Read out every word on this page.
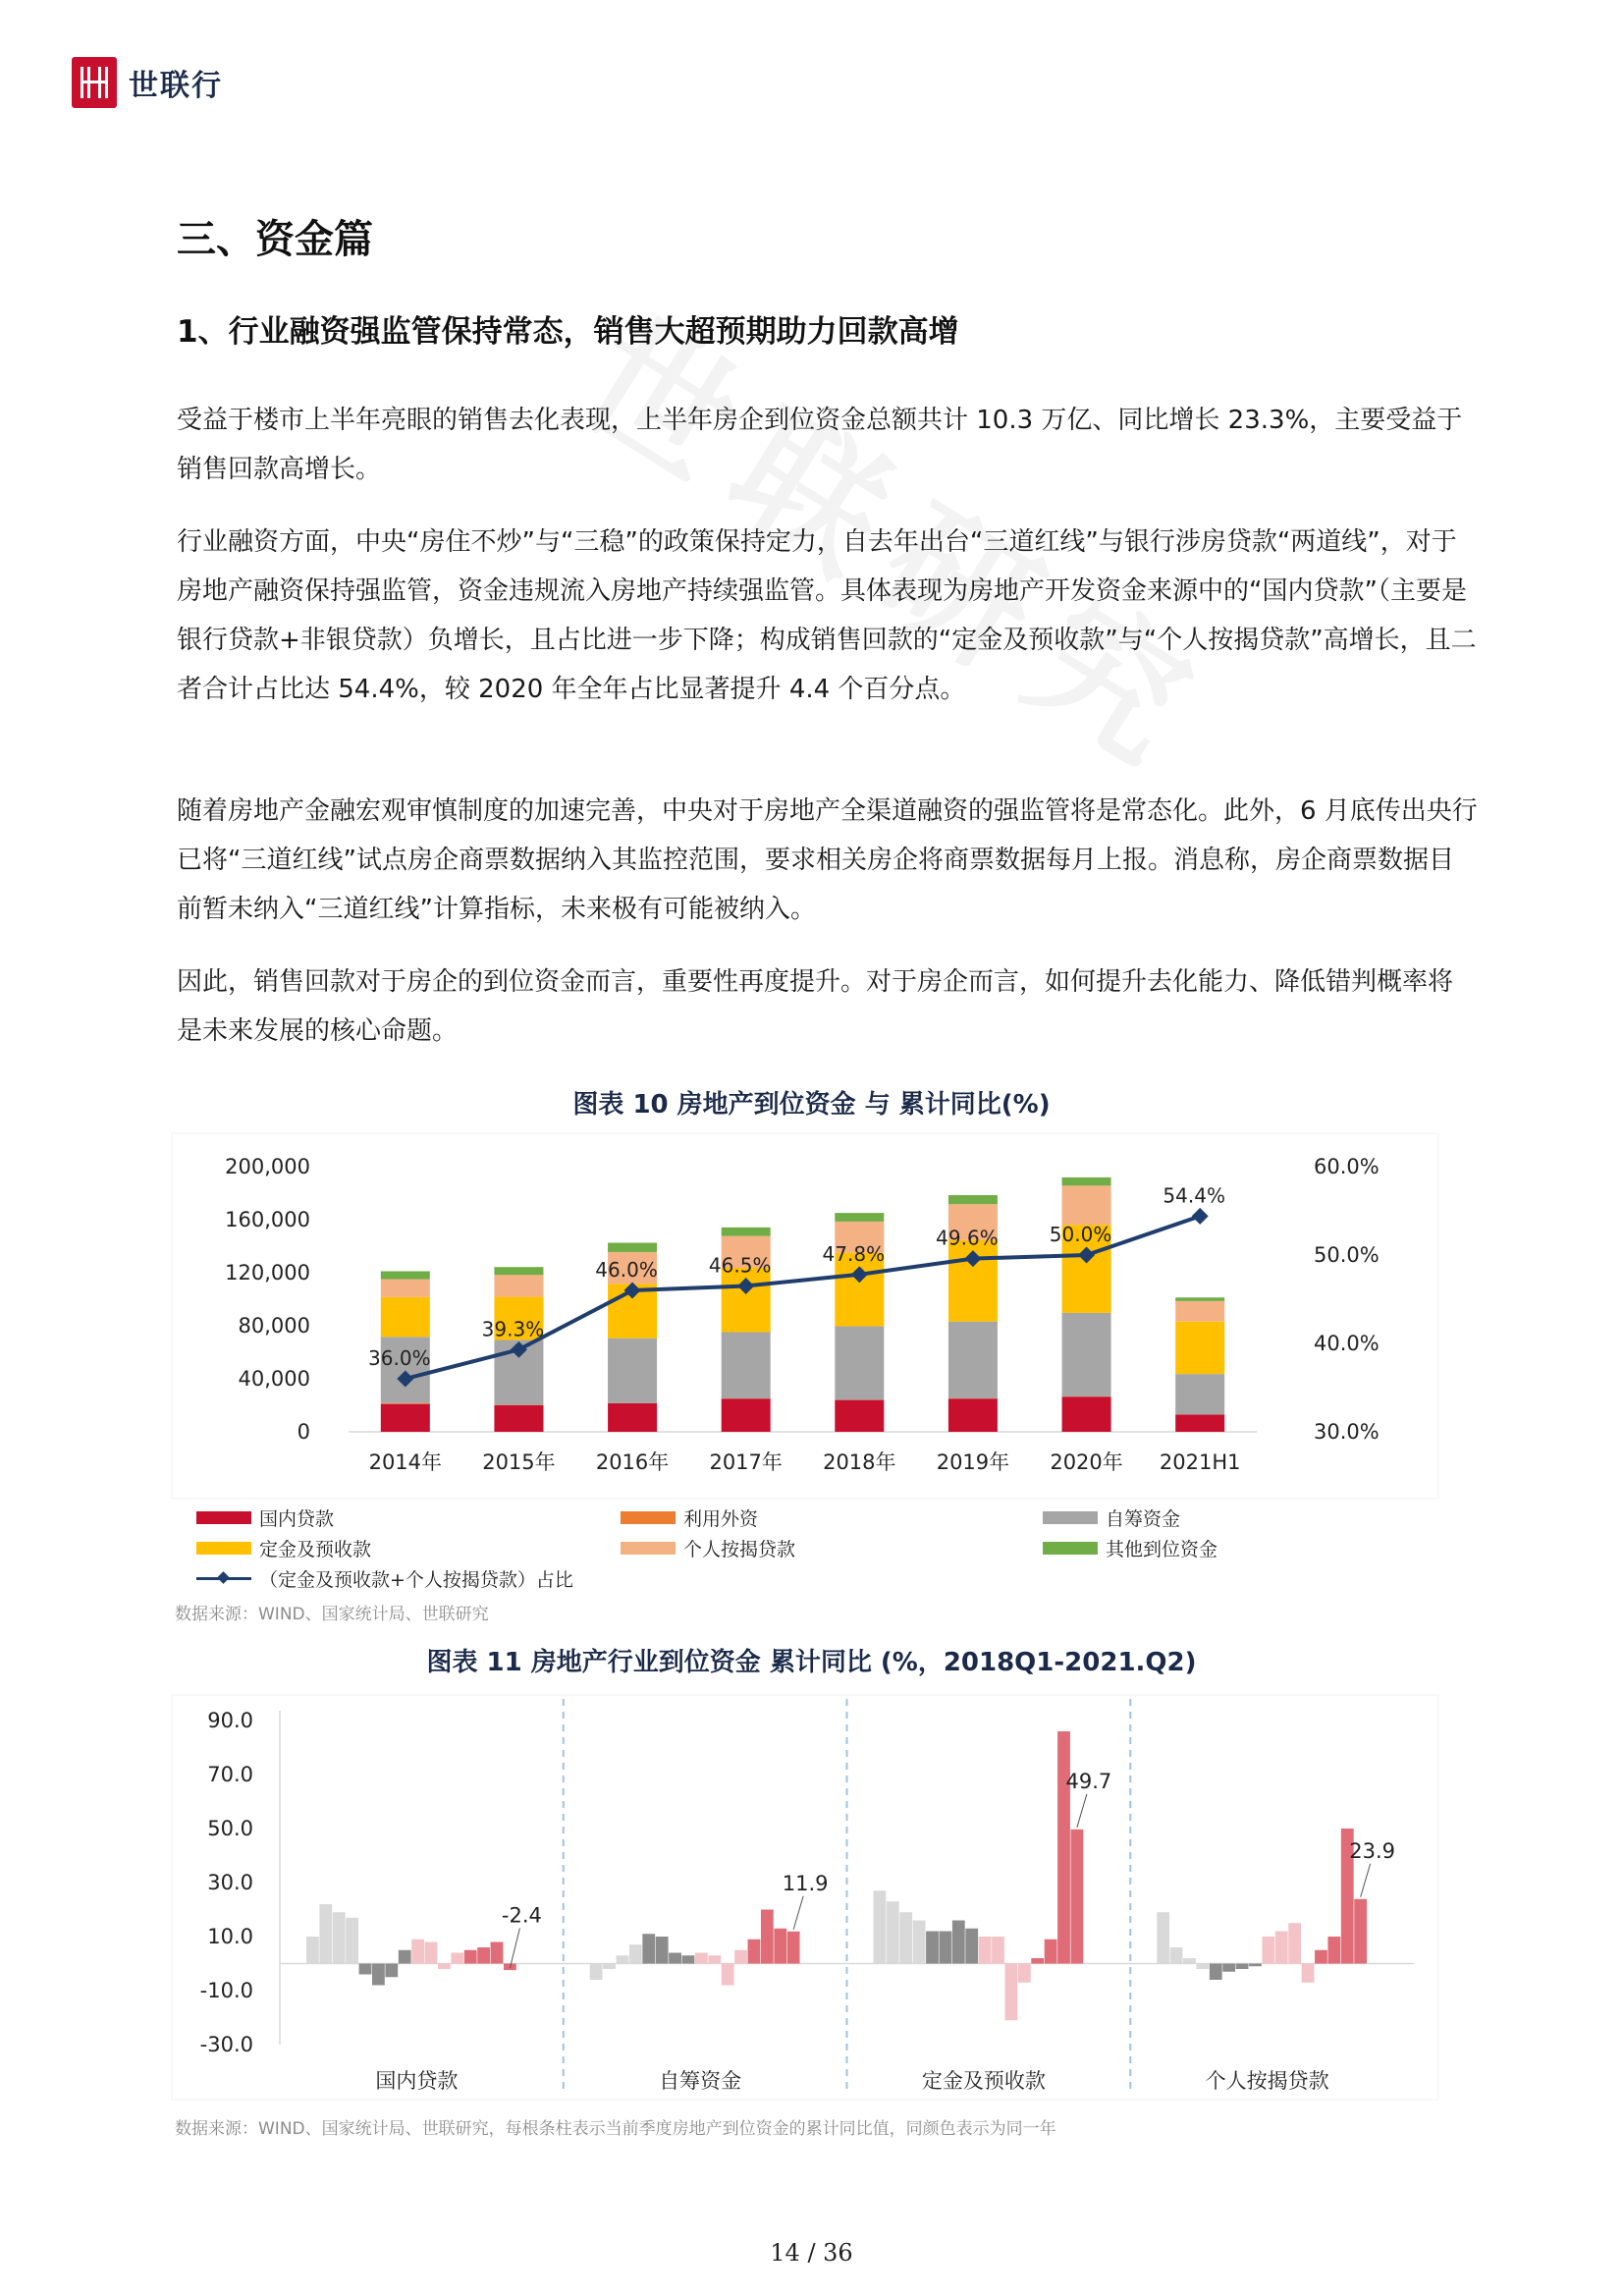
世联行
三、资金篇
1、行业融资强监管保持常态，销售大超预期助力回款高增

受益于楼市上半年亮眼的销售去化表现，上半年房企到位资金总额共计 10.3 万亿、同比增长 23.3%，主要受益于销售回款高增长。

行业融资方面，中央“房住不炒”与“三稳”的政策保持定力，自去年出台“三道红线”与银行涉房贷款“两道线”，对于房地产融资保持强监管，资金违规流入房地产持续强监管。具体表现为房地产开发资金来源中的“国内贷款”（主要是银行贷款+非银贷款）负增长，且占比进一步下降；构成销售回款的“定金及预收款”与“个人按揭贷款”高增长，且二者合计占比达 54.4%，较 2020 年全年占比显著提升 4.4 个百分点。

随着房地产金融宏观审慎制度的加速完善，中央对于房地产全渠道融资的强监管将是常态化。此外，6 月底传出央行已将“三道红线”试点房企商票数据纳入其监控范围，要求相关房企将商票数据每月上报。消息称，房企商票数据目前暂未纳入“三道红线”计算指标，未来极有可能被纳入。

因此，销售回款对于房企的到位资金而言，重要性再度提升。对于房企而言，如何提升去化能力、降低错判概率将是未来发展的核心命题。

图表 10 房地产到位资金 与 累计同比(%)
0
40,000
80,000
120,000
160,000
200,000
30.0%
40.0%
50.0%
60.0%
2014年 2015年 2016年 2017年 2018年 2019年 2020年 2021H1
36.0%
39.3%
46.0%	46.5%	47.8%
49.6%	50.0%
54.4%
国内贷款
定金及预收款
利用外资
个人按揭贷款
自筹资金
其他到位资金
（定金及预收款+个人按揭贷款）占比
数据来源：WIND、国家统计局、世联研究
图表 11 房地产行业到位资金 累计同比 (%，2018Q1-2021.Q2)
-30.0
-10.0
10.0
30.0
50.0
70.0
90.0
-2.4
国内贷款
11.9
自筹资金
49.7
定金及预收款
23.9
个人按揭贷款
数据来源：WIND、国家统计局、世联研究，每根条柱表示当前季度房地产到位资金的累计同比值，同颜色表示为同一年
14 / 36
